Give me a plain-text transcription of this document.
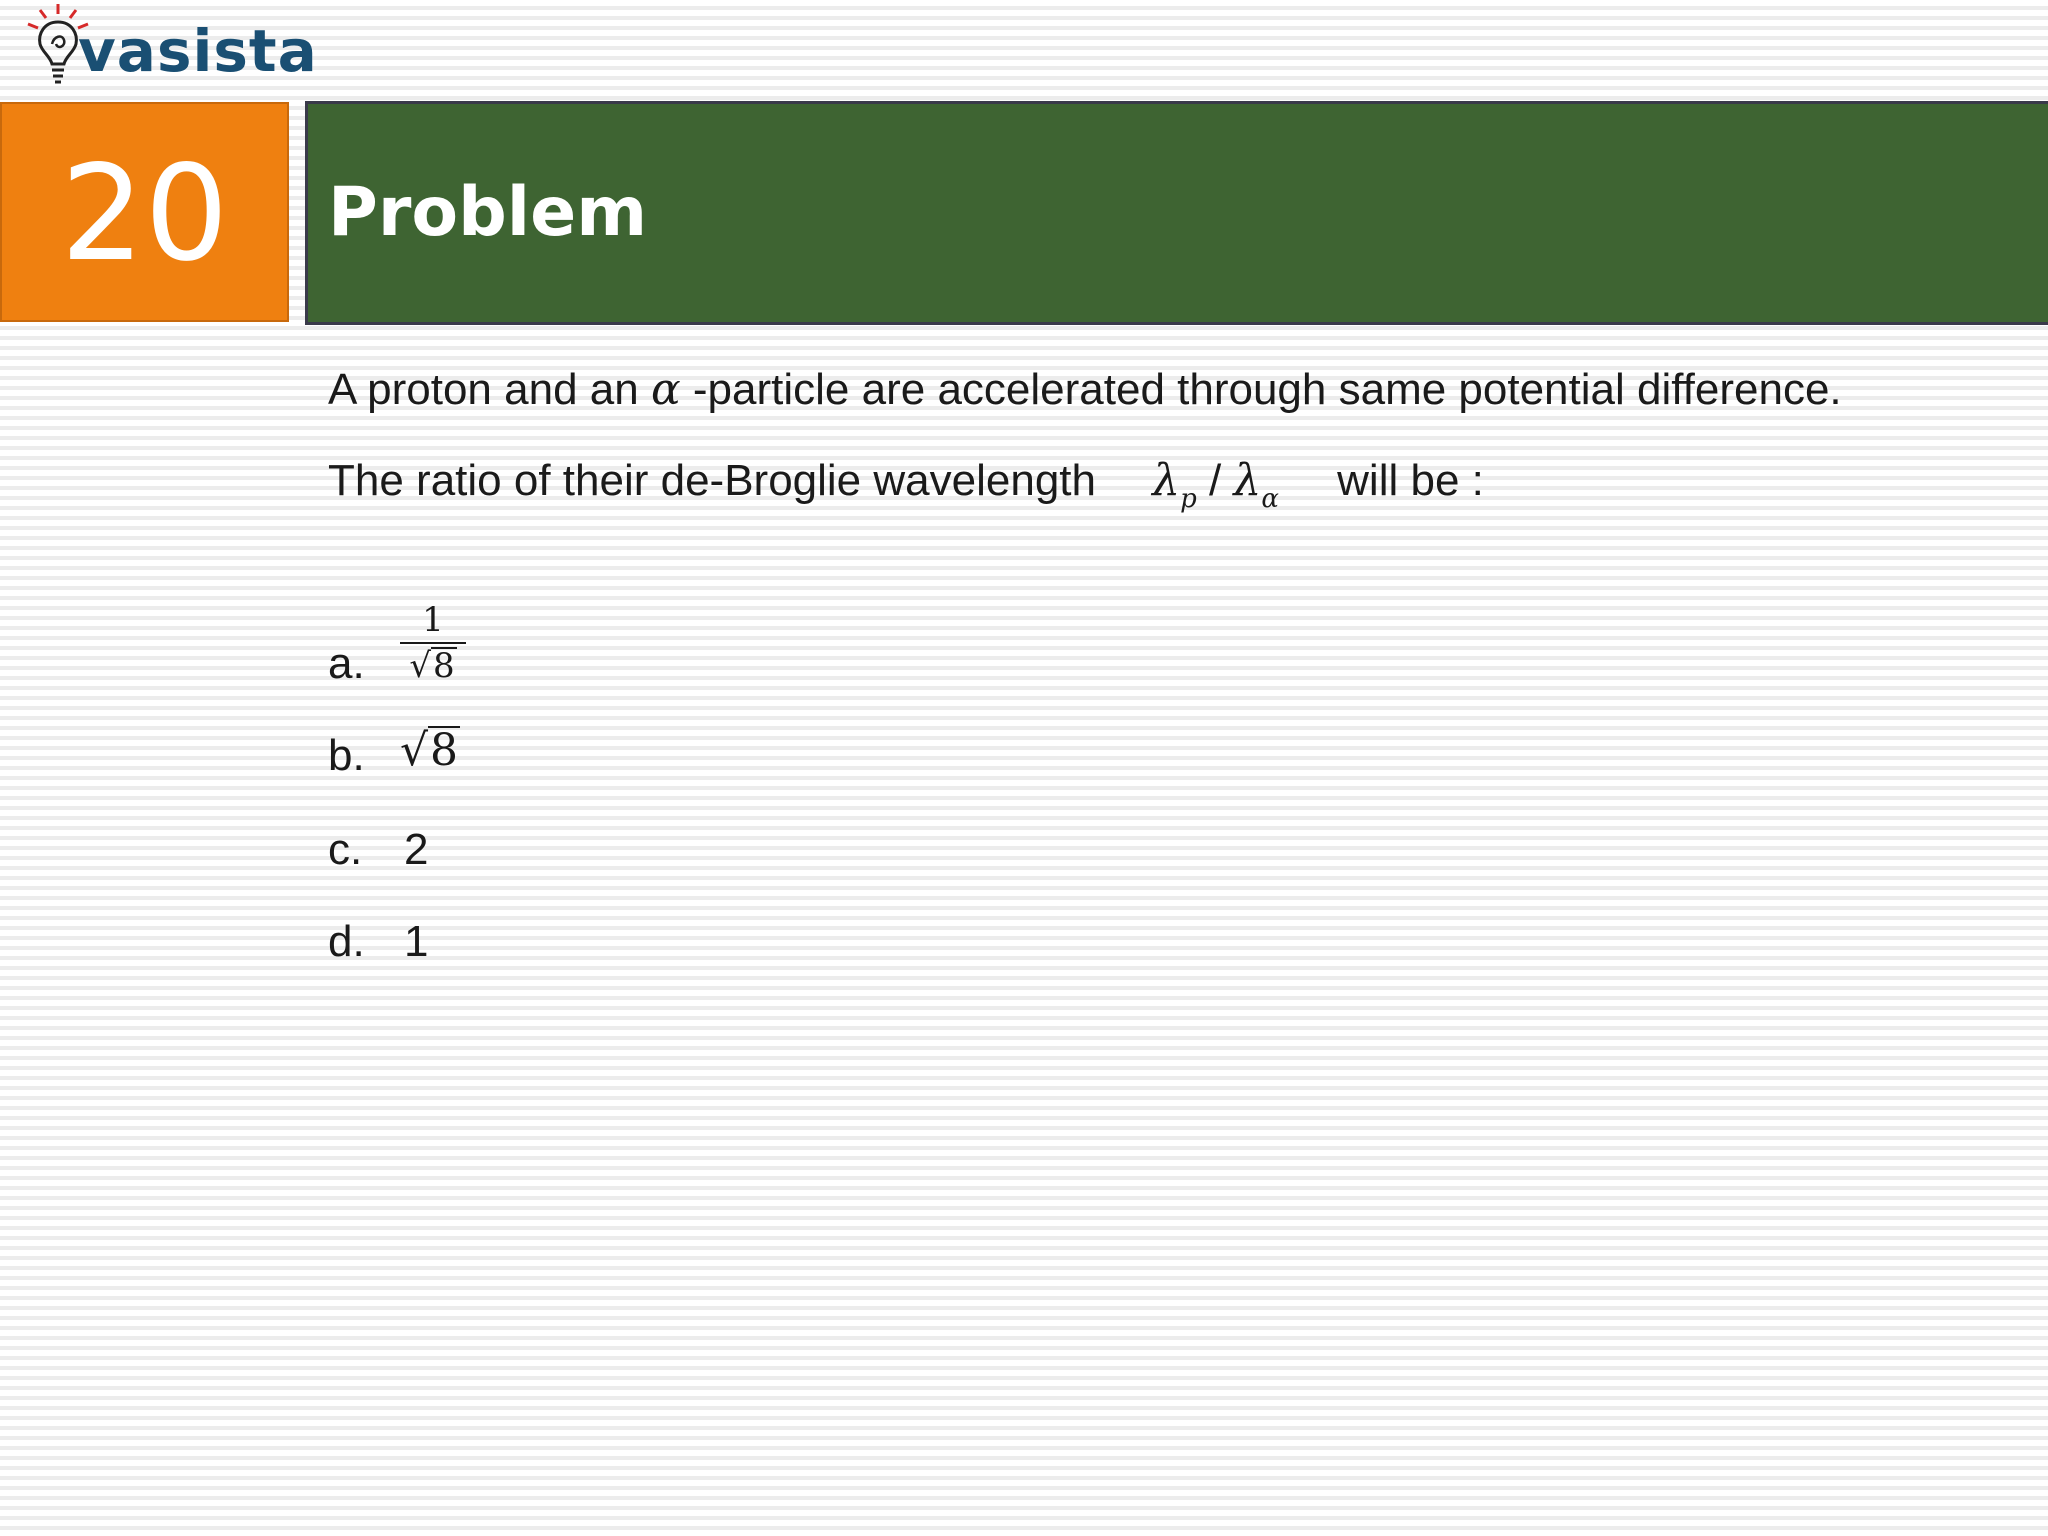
vasista
20	Problem
A proton and an α -particle are accelerated through same potential difference.
The ratio of their de-Broglie wavelength $\lambda_p / \lambda_\alpha$ will be :
a.
1
√8
b. √8
c. 2
d. 1
